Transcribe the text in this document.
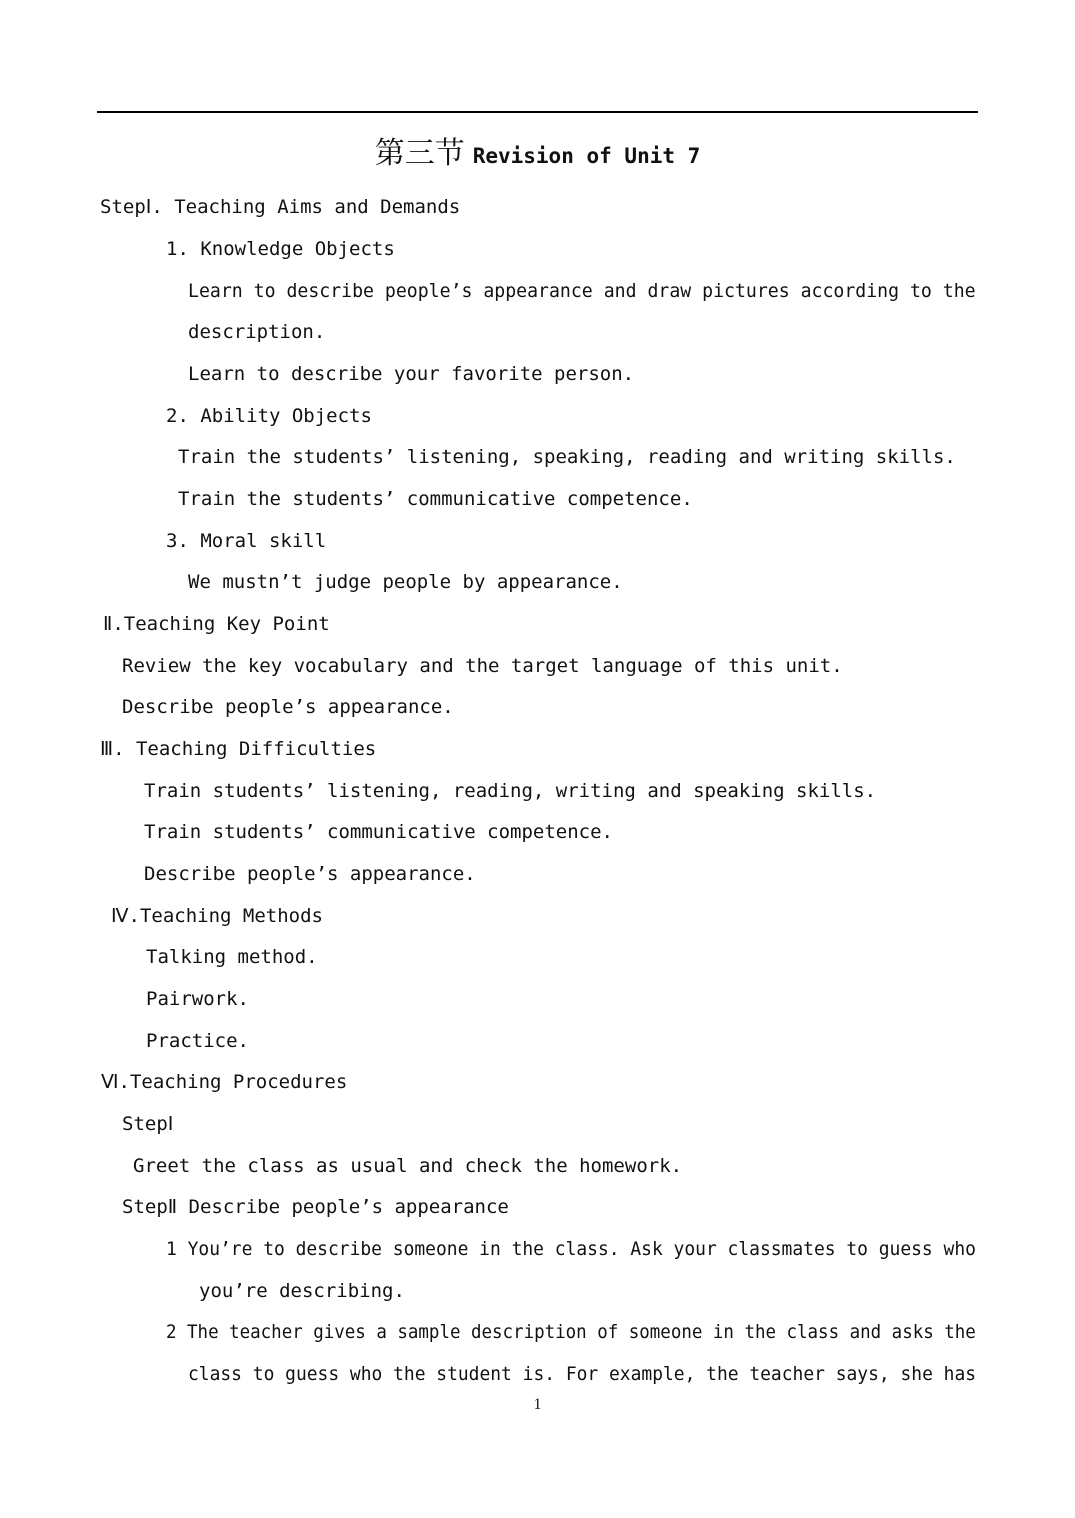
第三节 Revision of Unit 7
StepⅠ. Teaching Aims and Demands
1. Knowledge Objects
Learn to describe people’s appearance and draw pictures according to the
description.
Learn to describe your favorite person.
2. Ability Objects
Train the students’ listening, speaking, reading and writing skills.
Train the students’ communicative competence.
3. Moral skill
We mustn’t judge people by appearance.
Ⅱ.Teaching Key Point
Review the key vocabulary and the target language of this unit.
Describe people’s appearance.
Ⅲ. Teaching Difficulties
Train students’ listening, reading, writing and speaking skills.
Train students’ communicative competence.
Describe people’s appearance.
Ⅳ.Teaching Methods
Talking method.
Pairwork.
Practice.
Ⅵ.Teaching Procedures
StepⅠ
Greet the class as usual and check the homework.
StepⅡ Describe people’s appearance
1 You’re to describe someone in the class. Ask your classmates to guess who
you’re describing.
2 The teacher gives a sample description of someone in the class and asks the
class to guess who the student is. For example, the teacher says, she has
1
